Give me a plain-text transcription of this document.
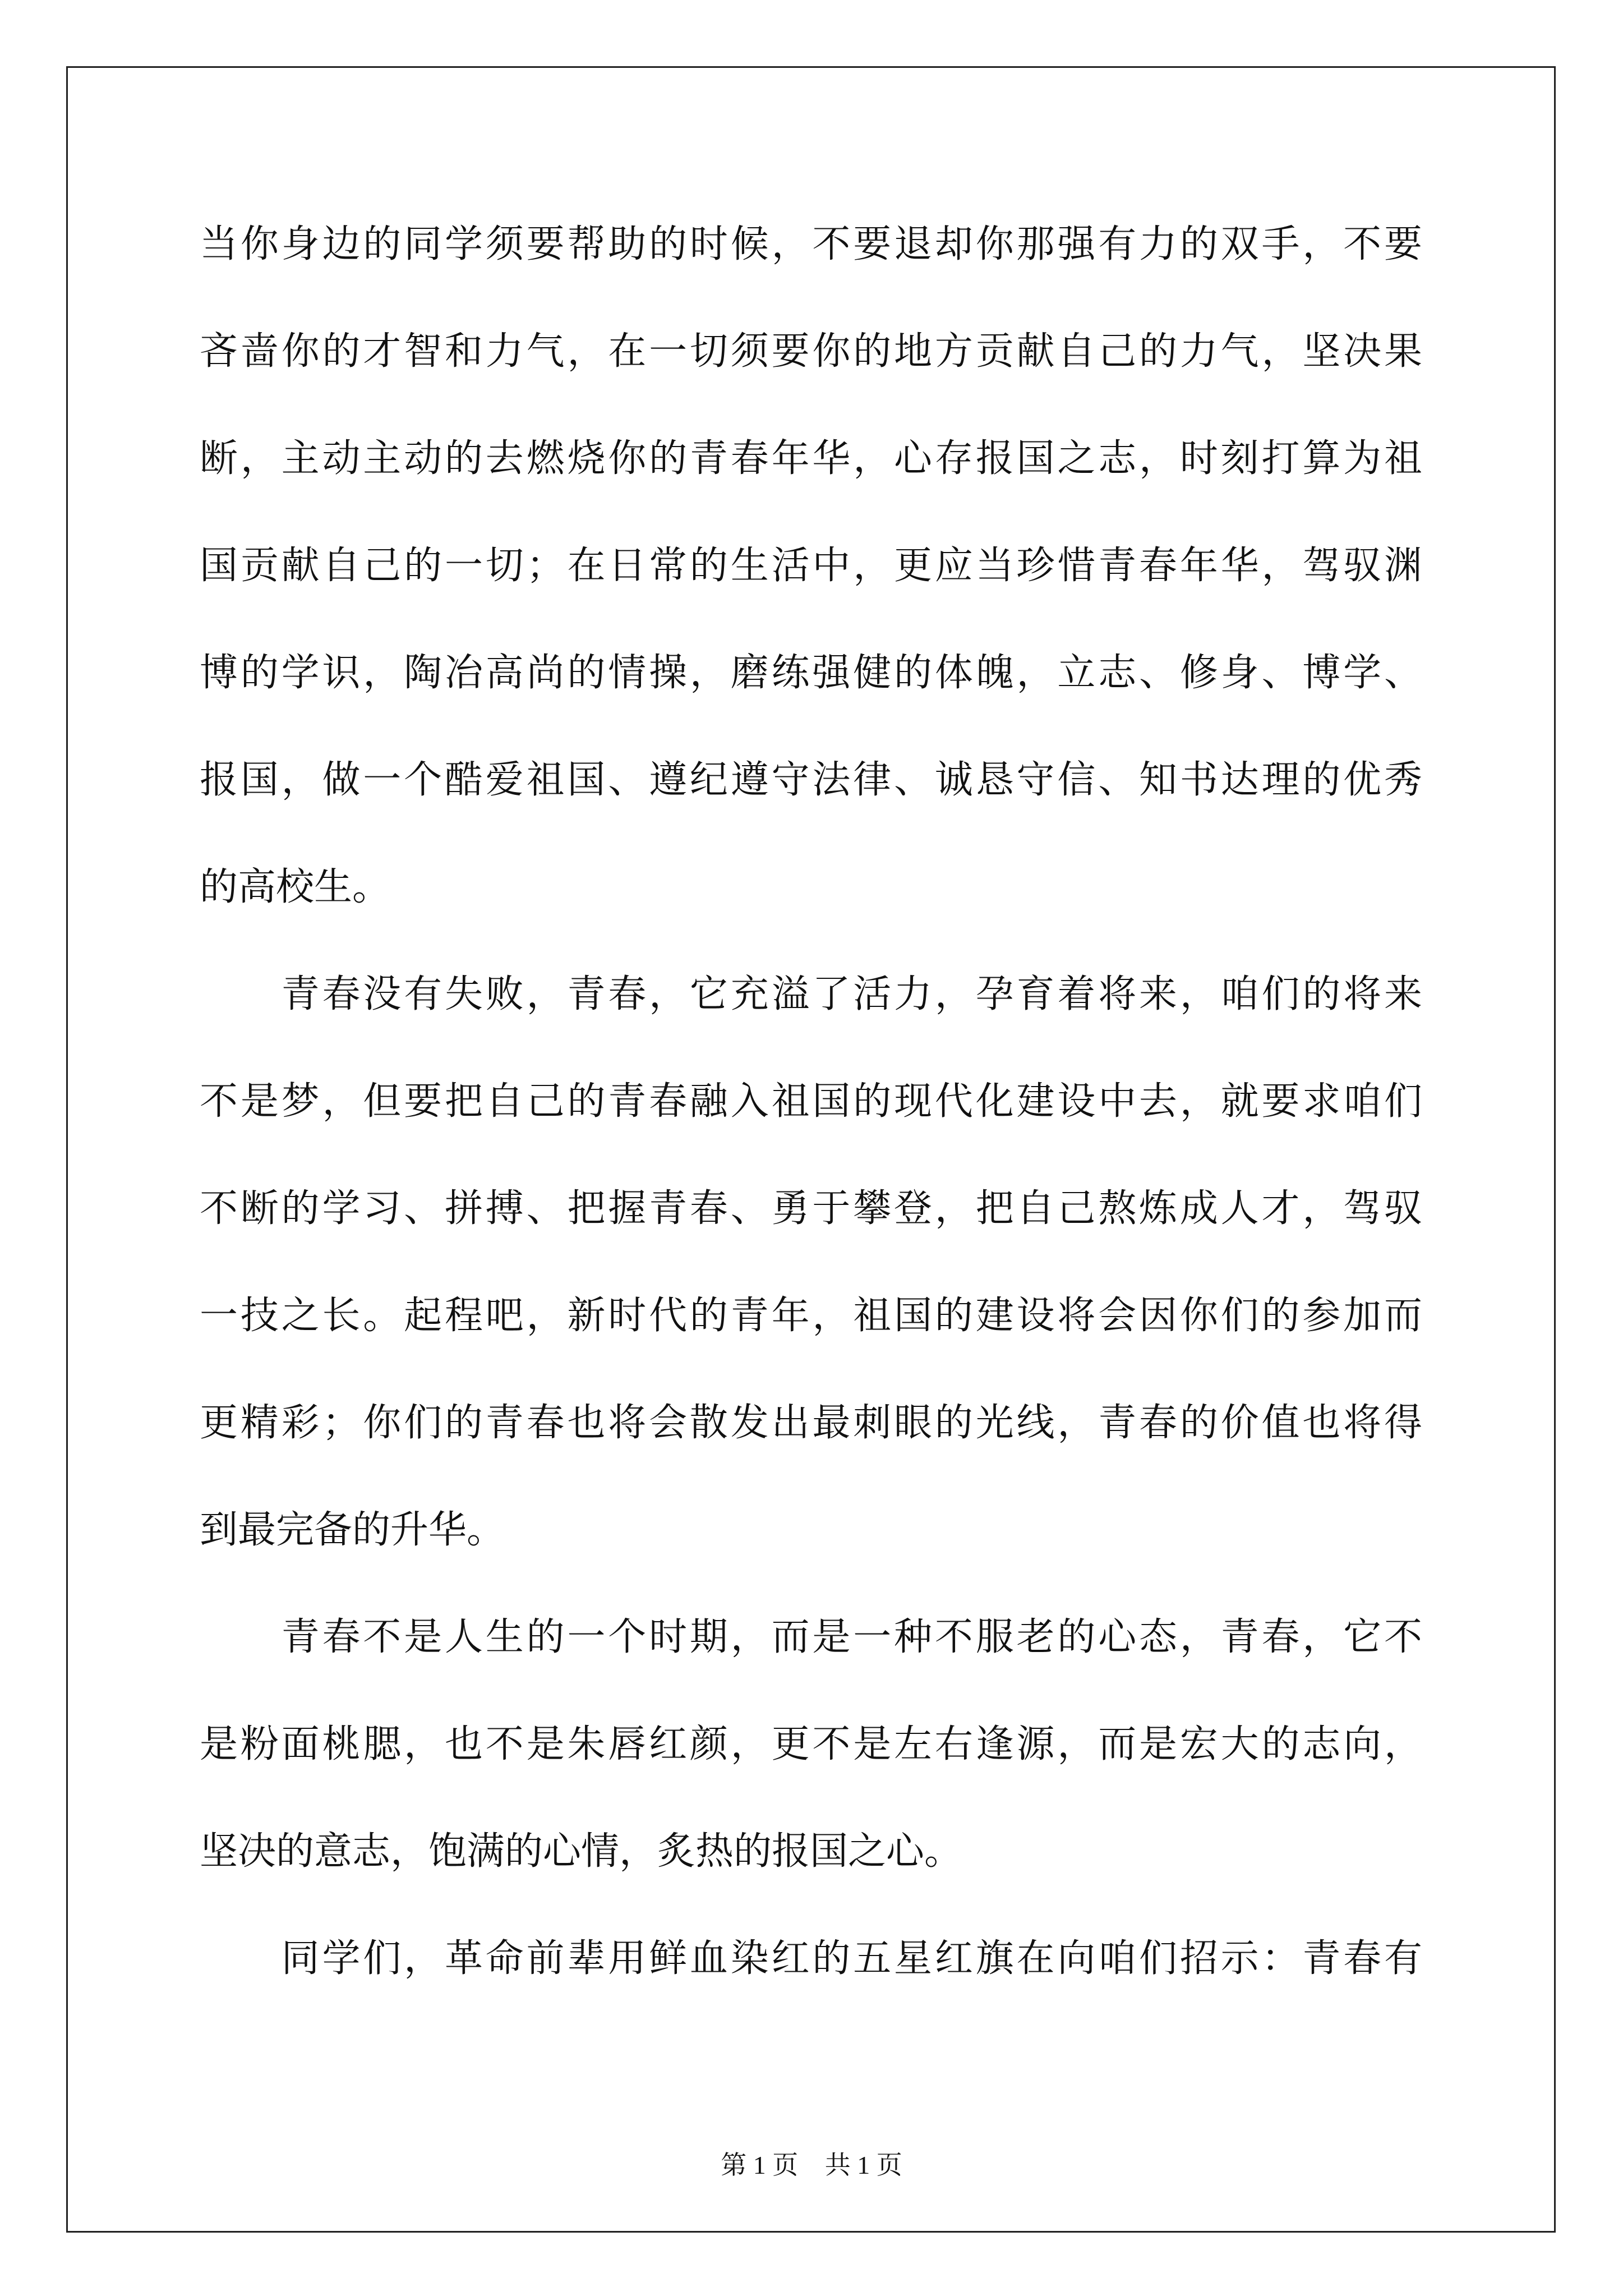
当你身边的同学须要帮助的时候，不要退却你那强有力的双手，不要
吝啬你的才智和力气，在一切须要你的地方贡献自己的力气，坚决果
断，主动主动的去燃烧你的青春年华，心存报国之志，时刻打算为祖
国贡献自己的一切；在日常的生活中，更应当珍惜青春年华，驾驭渊
博的学识，陶冶高尚的情操，磨练强健的体魄，立志、修身、博学、
报国，做一个酷爱祖国、遵纪遵守法律、诚恳守信、知书达理的优秀
的高校生。
　　青春没有失败，青春，它充溢了活力，孕育着将来，咱们的将来
不是梦，但要把自己的青春融入祖国的现代化建设中去，就要求咱们
不断的学习、拼搏、把握青春、勇于攀登，把自己熬炼成人才，驾驭
一技之长。起程吧，新时代的青年，祖国的建设将会因你们的参加而
更精彩；你们的青春也将会散发出最刺眼的光线，青春的价值也将得
到最完备的升华。
　　青春不是人生的一个时期，而是一种不服老的心态，青春，它不
是粉面桃腮，也不是朱唇红颜，更不是左右逢源，而是宏大的志向，
坚决的意志，饱满的心情，炙热的报国之心。
　　同学们，革命前辈用鲜血染红的五星红旗在向咱们招示：青春有
第 1 页 共 1 页
